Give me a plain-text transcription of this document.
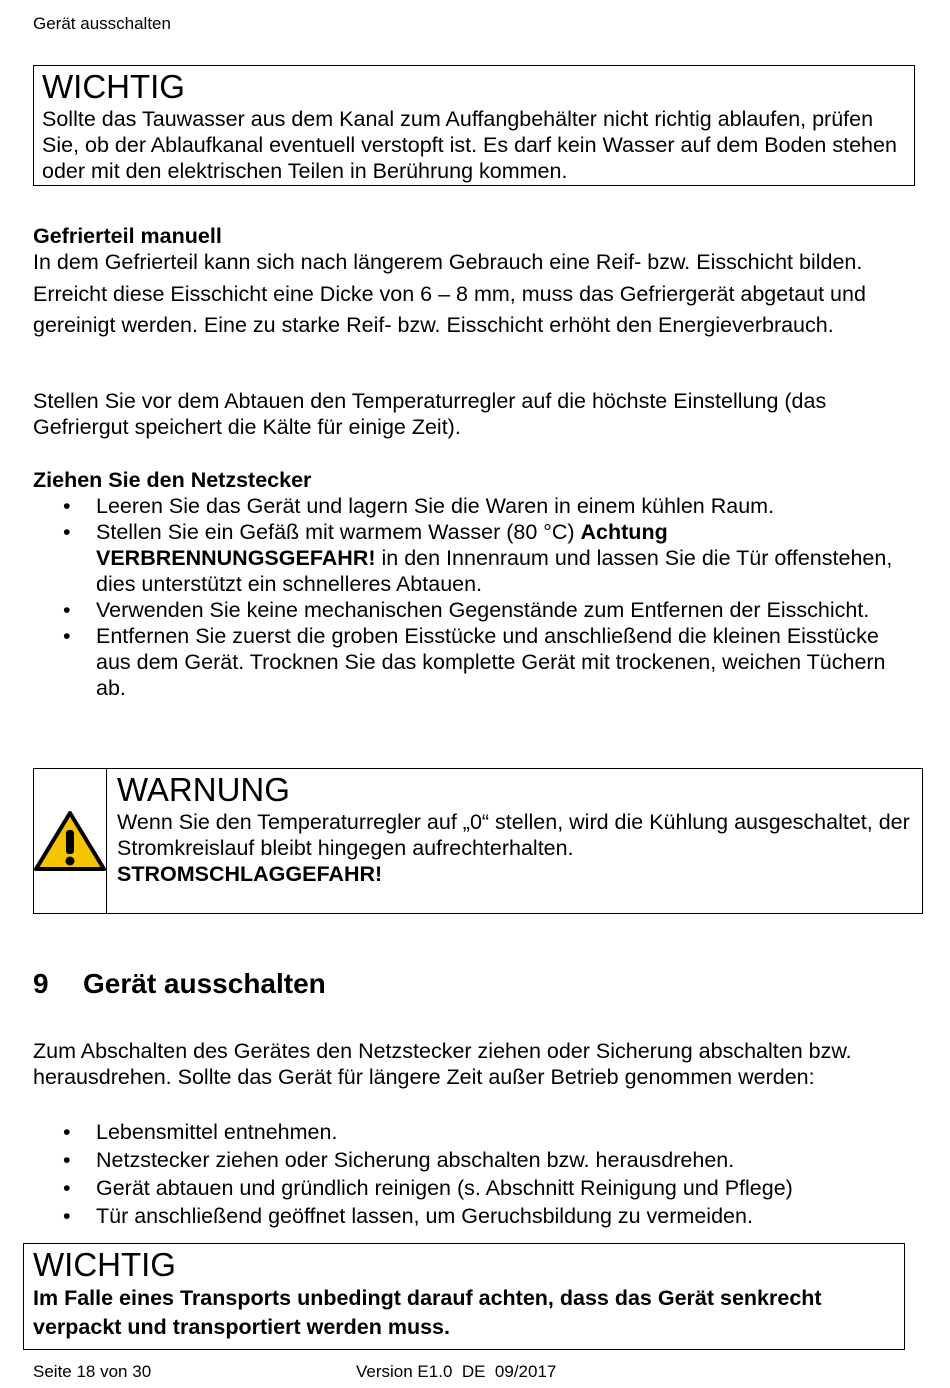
Gerät ausschalten
WICHTIG
Sollte das Tauwasser aus dem Kanal zum Auffangbehälter nicht richtig ablaufen, prüfen Sie, ob der Ablaufkanal eventuell verstopft ist. Es darf kein Wasser auf dem Boden stehen oder mit den elektrischen Teilen in Berührung kommen.
Gefrierteil manuell
In dem Gefrierteil kann sich nach längerem Gebrauch eine Reif- bzw. Eisschicht bilden. Erreicht diese Eisschicht eine Dicke von 6 – 8 mm, muss das Gefriergerät abgetaut und gereinigt werden. Eine zu starke Reif- bzw. Eisschicht erhöht den Energieverbrauch.
Stellen Sie vor dem Abtauen den Temperaturregler auf die höchste Einstellung (das Gefriergut speichert die Kälte für einige Zeit).
Ziehen Sie den Netzstecker
• Leeren Sie das Gerät und lagern Sie die Waren in einem kühlen Raum.
• Stellen Sie ein Gefäß mit warmem Wasser (80 °C) Achtung VERBRENNUNGSGEFAHR! in den Innenraum und lassen Sie die Tür offenstehen, dies unterstützt ein schnelleres Abtauen.
• Verwenden Sie keine mechanischen Gegenstände zum Entfernen der Eisschicht.
• Entfernen Sie zuerst die groben Eisstücke und anschließend die kleinen Eisstücke aus dem Gerät. Trocknen Sie das komplette Gerät mit trockenen, weichen Tüchern ab.
WARNUNG
Wenn Sie den Temperaturregler auf „0“ stellen, wird die Kühlung ausgeschaltet, der Stromkreislauf bleibt hingegen aufrechterhalten.
STROMSCHLAGGEFAHR!
9 Gerät ausschalten
Zum Abschalten des Gerätes den Netzstecker ziehen oder Sicherung abschalten bzw. herausdrehen. Sollte das Gerät für längere Zeit außer Betrieb genommen werden:
• Lebensmittel entnehmen.
• Netzstecker ziehen oder Sicherung abschalten bzw. herausdrehen.
• Gerät abtauen und gründlich reinigen (s. Abschnitt Reinigung und Pflege)
• Tür anschließend geöffnet lassen, um Geruchsbildung zu vermeiden.
WICHTIG
Im Falle eines Transports unbedingt darauf achten, dass das Gerät senkrecht verpackt und transportiert werden muss.
Seite 18 von 30	Version E1.0  DE  09/2017
